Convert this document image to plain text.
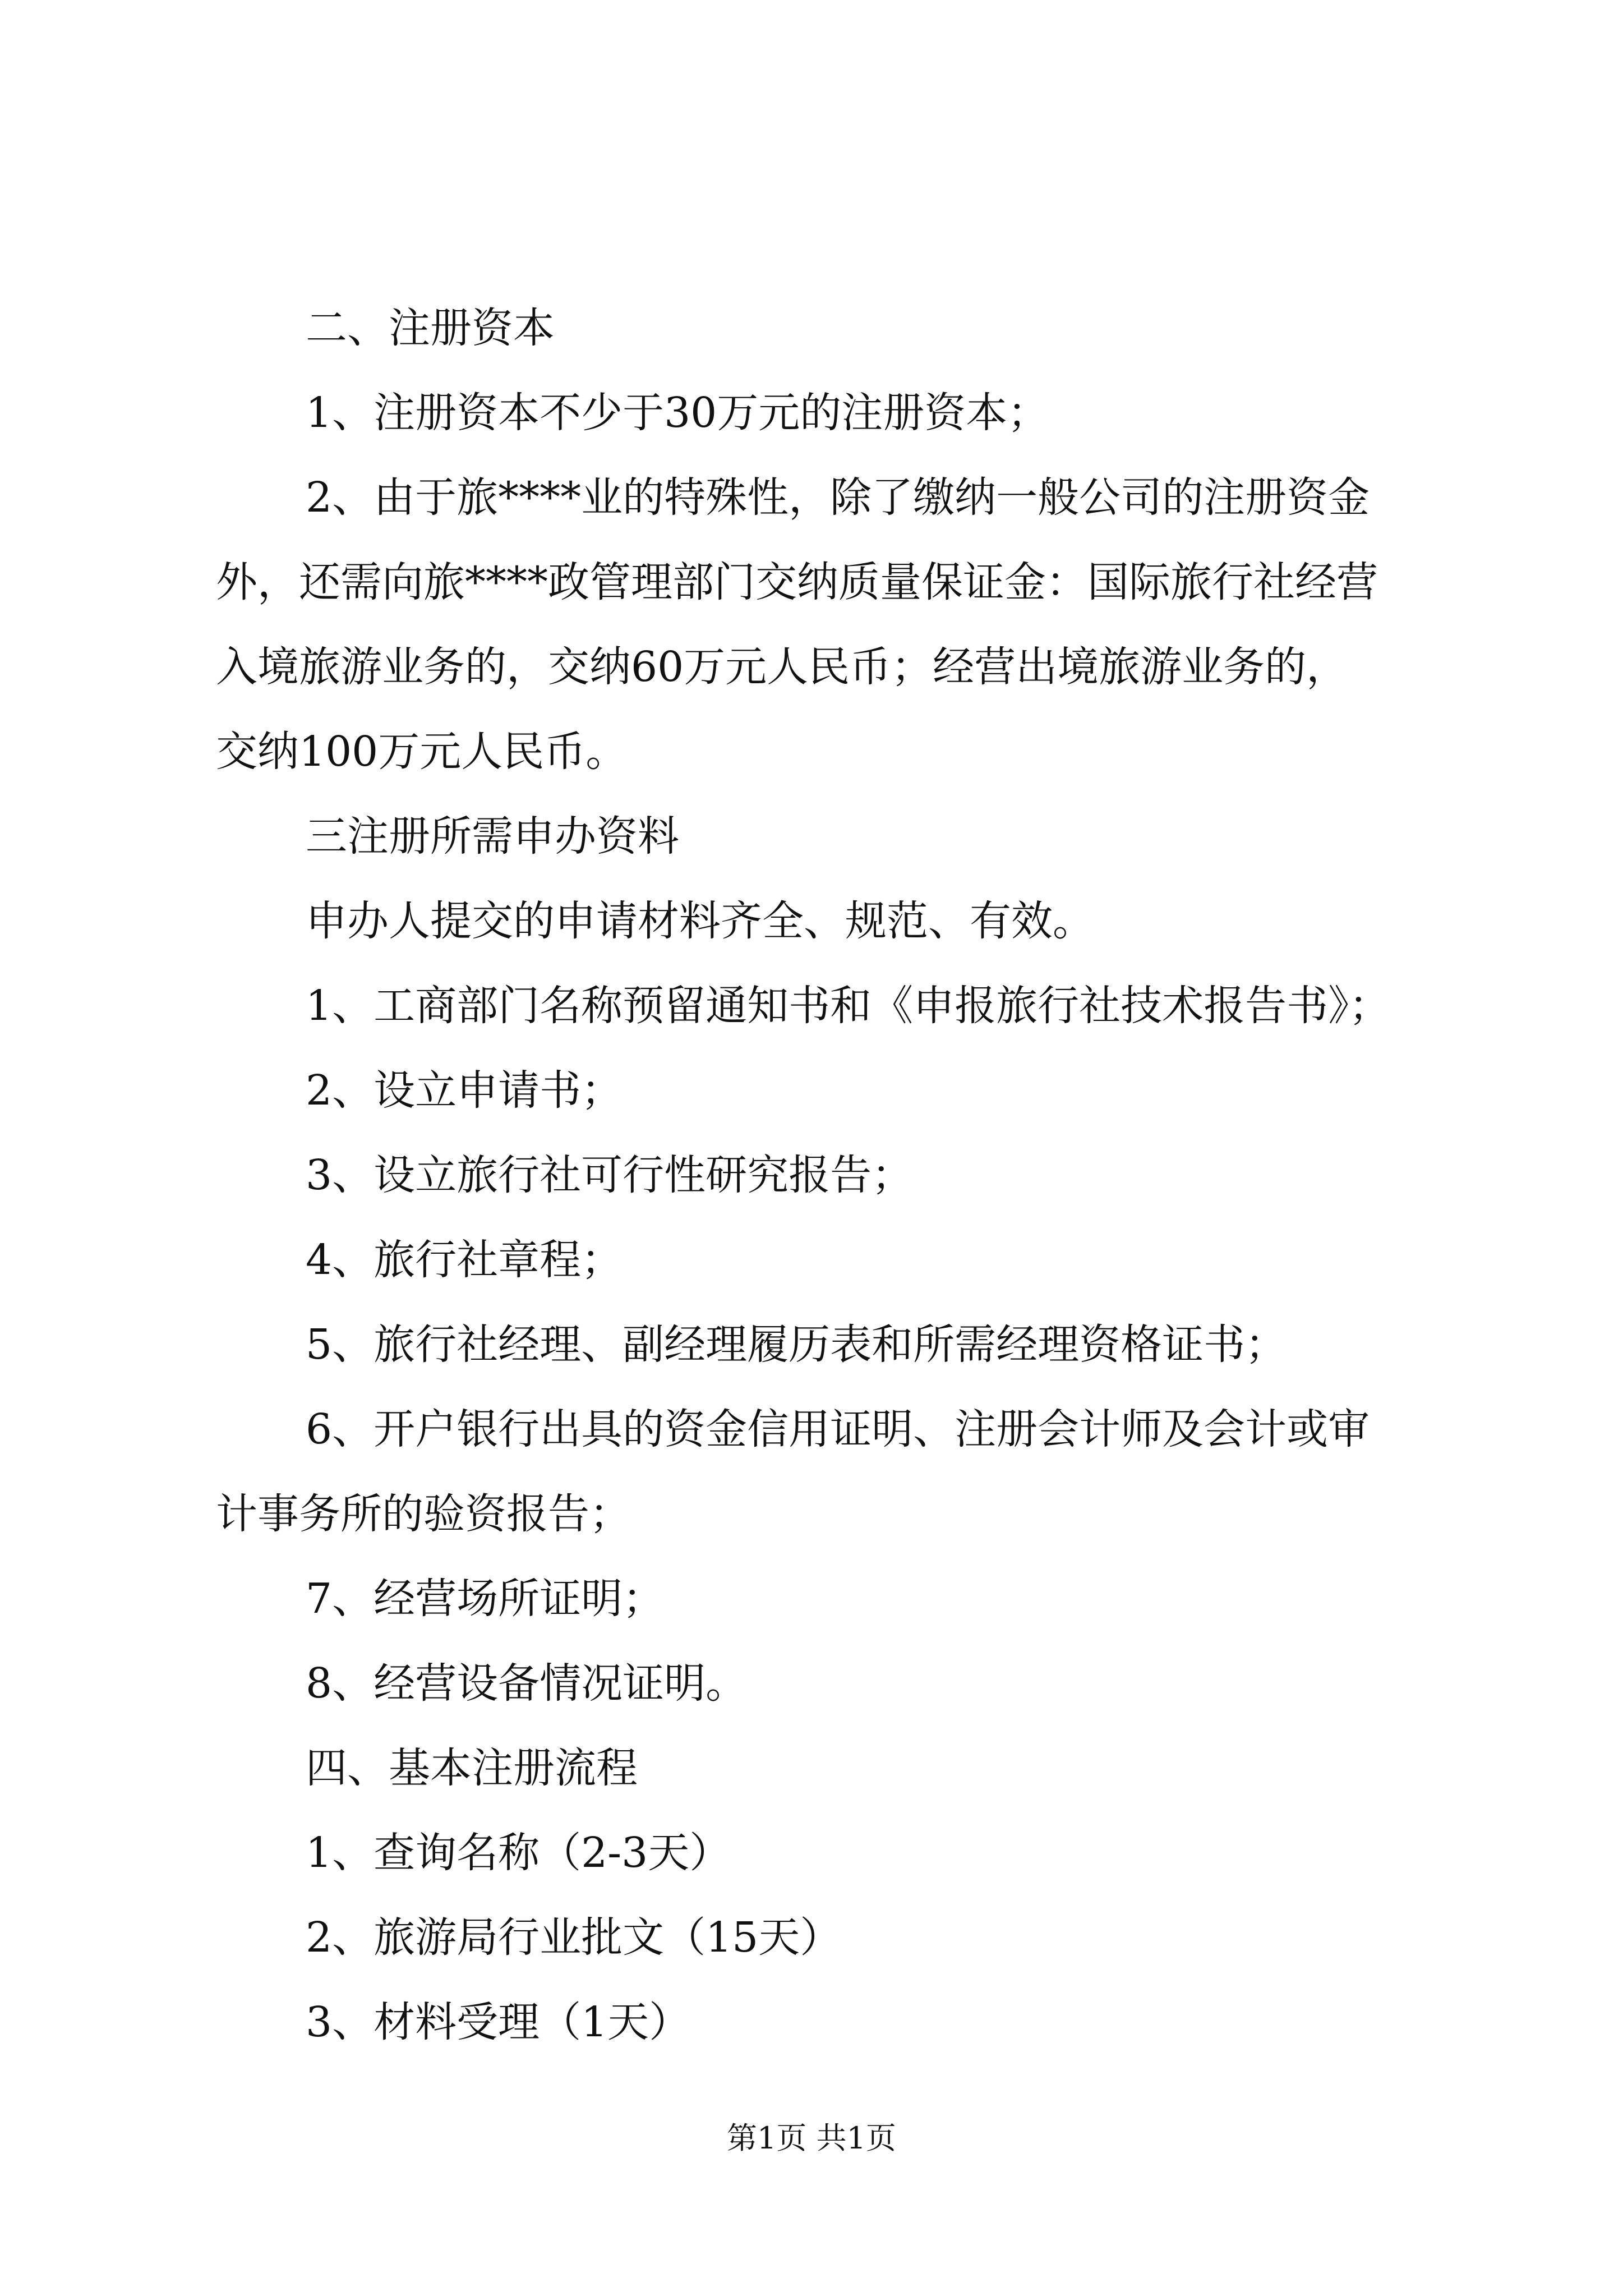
二、注册资本
1、注册资本不少于30万元的注册资本；
2、由于旅****业的特殊性，除了缴纳一般公司的注册资金
外，还需向旅****政管理部门交纳质量保证金：国际旅行社经营
入境旅游业务的，交纳60万元人民币；经营出境旅游业务的，
交纳100万元人民币。
三注册所需申办资料
申办人提交的申请材料齐全、规范、有效。
1、工商部门名称预留通知书和《申报旅行社技术报告书》；
2、设立申请书；
3、设立旅行社可行性研究报告；
4、旅行社章程；
5、旅行社经理、副经理履历表和所需经理资格证书；
6、开户银行出具的资金信用证明、注册会计师及会计或审
计事务所的验资报告；
7、经营场所证明；
8、经营设备情况证明。
四、基本注册流程
1、查询名称（2-3天）
2、旅游局行业批文（15天）
3、材料受理（1天）
第1页 共1页
